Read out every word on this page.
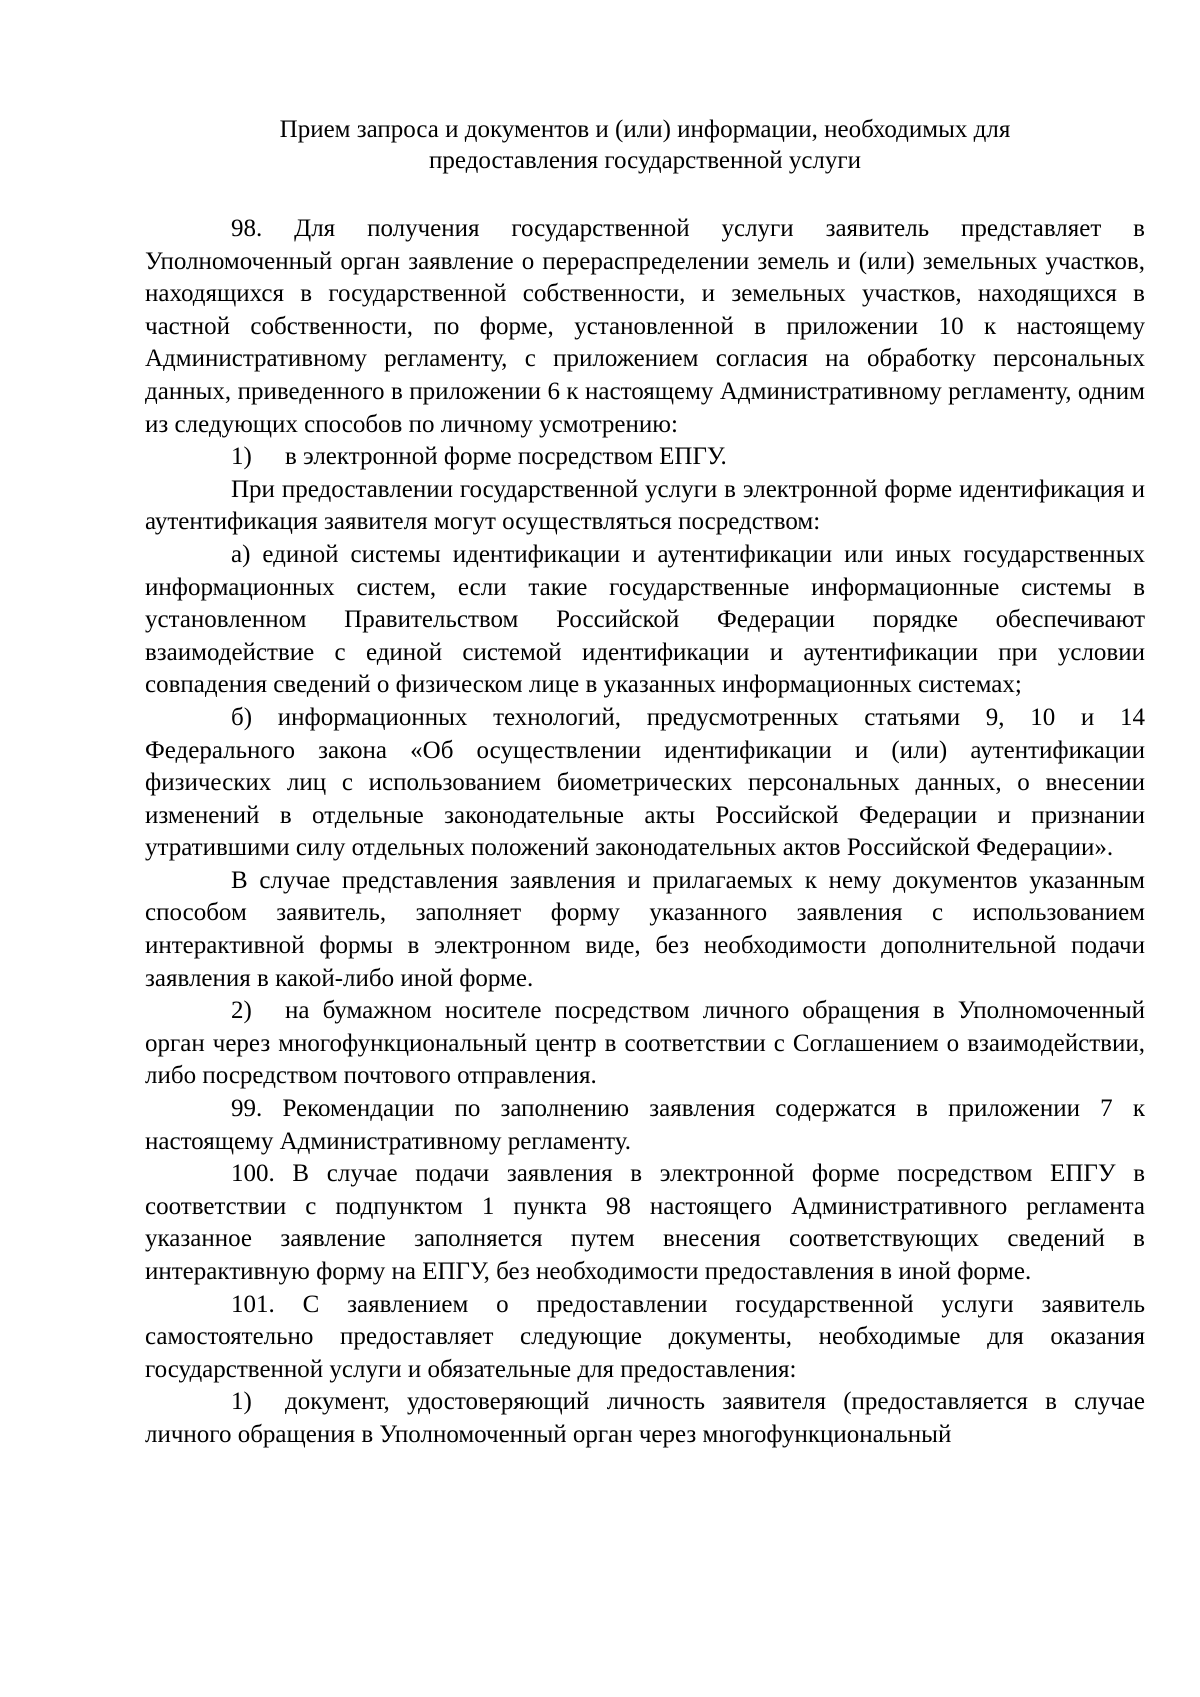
Прием запроса и документов и (или) информации, необходимых для
предоставления государственной услуги

98. Для получения государственной услуги заявитель представляет в Уполномоченный орган заявление о перераспределении земель и (или) земельных участков, находящихся в государственной собственности, и земельных участков, находящихся в частной собственности, по форме, установленной в приложении 10 к настоящему Административному регламенту, с приложением согласия на обработку персональных данных, приведенного в приложении 6 к настоящему Административному регламенту, одним из следующих способов по личному усмотрению:

1) в электронной форме посредством ЕПГУ.

При предоставлении государственной услуги в электронной форме идентификация и аутентификация заявителя могут осуществляться посредством:

а) единой системы идентификации и аутентификации или иных государственных информационных систем, если такие государственные информационные системы в установленном Правительством Российской Федерации порядке обеспечивают взаимодействие с единой системой идентификации и аутентификации при условии совпадения сведений о физическом лице в указанных информационных системах;

б) информационных технологий, предусмотренных статьями 9, 10 и 14 Федерального закона «Об осуществлении идентификации и (или) аутентификации физических лиц с использованием биометрических персональных данных, о внесении изменений в отдельные законодательные акты Российской Федерации и признании утратившими силу отдельных положений законодательных актов Российской Федерации».

В случае представления заявления и прилагаемых к нему документов указанным способом заявитель, заполняет форму указанного заявления с использованием интерактивной формы в электронном виде, без необходимости дополнительной подачи заявления в какой-либо иной форме.

2) на бумажном носителе посредством личного обращения в Уполномоченный орган через многофункциональный центр в соответствии с Соглашением о взаимодействии, либо посредством почтового отправления.

99. Рекомендации по заполнению заявления содержатся в приложении 7 к настоящему Административному регламенту.

100. В случае подачи заявления в электронной форме посредством ЕПГУ в соответствии с подпунктом 1 пункта 98 настоящего Административного регламента указанное заявление заполняется путем внесения соответствующих сведений в интерактивную форму на ЕПГУ, без необходимости предоставления в иной форме.

101. С заявлением о предоставлении государственной услуги заявитель самостоятельно предоставляет следующие документы, необходимые для оказания государственной услуги и обязательные для предоставления:

1) документ, удостоверяющий личность заявителя (предоставляется в случае личного обращения в Уполномоченный орган через многофункциональный
